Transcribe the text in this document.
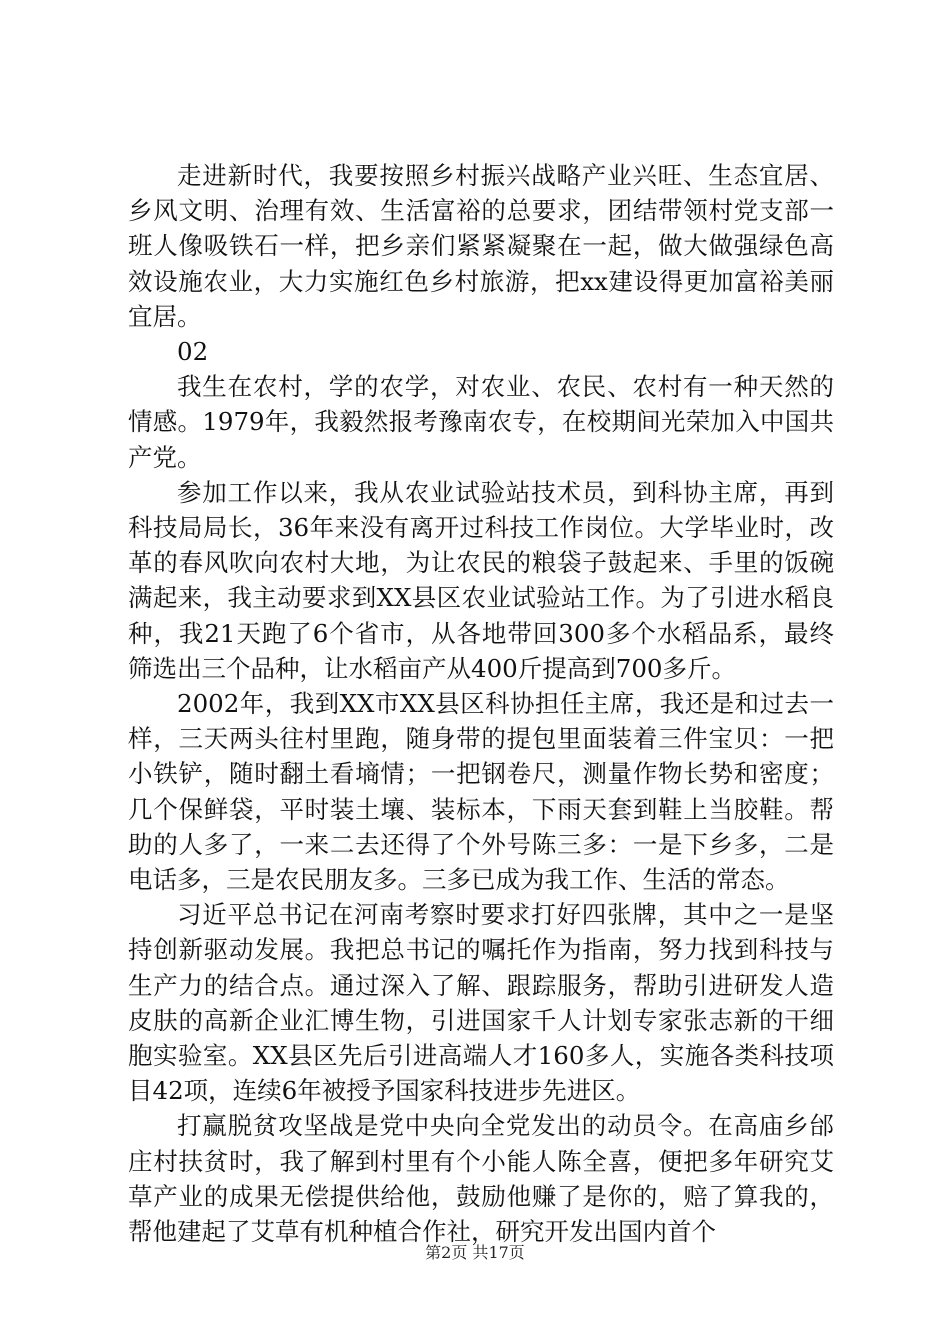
走进新时代，我要按照乡村振兴战略产业兴旺、生态宜居、乡风文明、治理有效、生活富裕的总要求，团结带领村党支部一班人像吸铁石一样，把乡亲们紧紧凝聚在一起，做大做强绿色高效设施农业，大力实施红色乡村旅游，把xx建设得更加富裕美丽宜居。

02

我生在农村，学的农学，对农业、农民、农村有一种天然的情感。1979年，我毅然报考豫南农专，在校期间光荣加入中国共产党。

参加工作以来，我从农业试验站技术员，到科协主席，再到科技局局长，36年来没有离开过科技工作岗位。大学毕业时，改革的春风吹向农村大地，为让农民的粮袋子鼓起来、手里的饭碗满起来，我主动要求到XX县区农业试验站工作。为了引进水稻良种，我21天跑了6个省市，从各地带回300多个水稻品系，最终筛选出三个品种，让水稻亩产从400斤提高到700多斤。

2002年，我到XX市XX县区科协担任主席，我还是和过去一样，三天两头往村里跑，随身带的提包里面装着三件宝贝：一把小铁铲，随时翻土看墒情；一把钢卷尺，测量作物长势和密度；几个保鲜袋，平时装土壤、装标本，下雨天套到鞋上当胶鞋。帮助的人多了，一来二去还得了个外号陈三多：一是下乡多，二是电话多，三是农民朋友多。三多已成为我工作、生活的常态。

习近平总书记在河南考察时要求打好四张牌，其中之一是坚持创新驱动发展。我把总书记的嘱托作为指南，努力找到科技与生产力的结合点。通过深入了解、跟踪服务，帮助引进研发人造皮肤的高新企业汇博生物，引进国家千人计划专家张志新的干细胞实验室。XX县区先后引进高端人才160多人，实施各类科技项目42项，连续6年被授予国家科技进步先进区。

打赢脱贫攻坚战是党中央向全党发出的动员令。在高庙乡邰庄村扶贫时，我了解到村里有个小能人陈全喜，便把多年研究艾草产业的成果无偿提供给他，鼓励他赚了是你的，赔了算我的，帮他建起了艾草有机种植合作社，研究开发出国内首个

第2页 共17页
